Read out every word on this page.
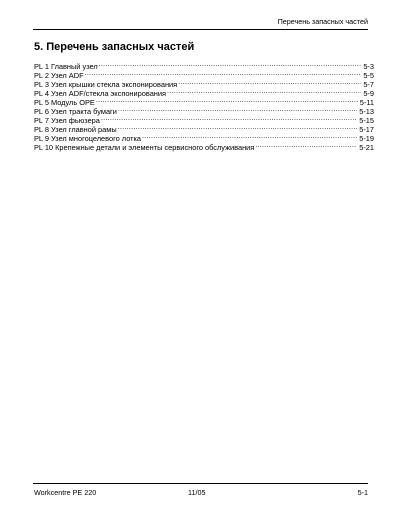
Перечень запасных частей
5. Перечень запасных частей
PL 1 Главный узел .....	5-3
PL 2 Узел ADF .....	5-5
PL 3 Узел крышки стекла экспонирования .....	5-7
PL 4 Узел ADF/стекла экспонирования .....	5-9
PL 5 Модуль OPE .....	5-11
PL 6 Узел тракта бумаги .....	5-13
PL 7 Узел фьюзера .....	5-15
PL 8 Узел главной рамы .....	5-17
PL 9 Узел многоцелевого лотка .....	5-19
PL 10 Крепежные детали и элементы сервисного обслуживания .....	5-21
Workcentre PE 220	11/05	5-1
